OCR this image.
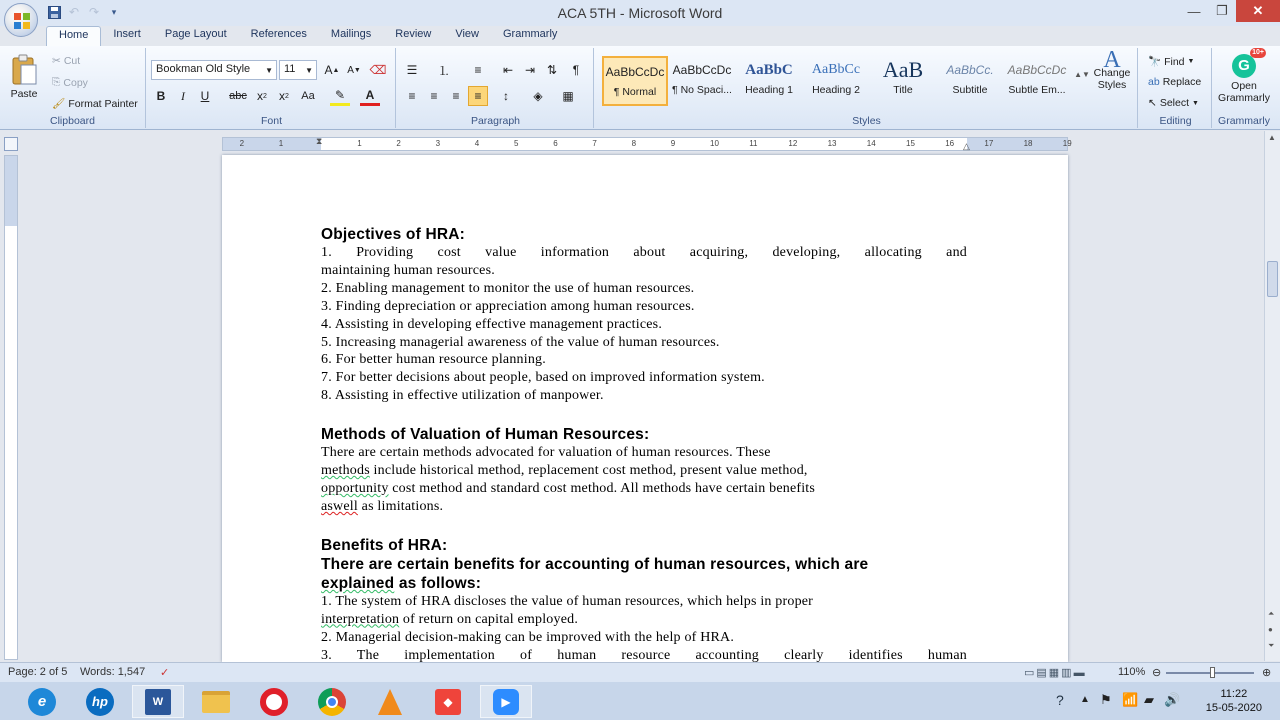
↶ ↷	▾	ACA 5TH - Microsoft Word	—	❐	✕
Home	Insert	Page Layout	References	Mailings	Review	View	Grammarly
Paste
✂ Cut
⎘ Copy
🖌 Format Painter
Clipboard
Bookman Old Style ▼	11 ▼ A ▲ A ▼ ⌫
B	I	U	abc x 2	x 2 Aa	✎	A
Font
☰	⒈	≡	⇤ ⇥ ⇅	¶
≡	≡	≡	≡	↕	◈	▦
Paragraph
AaBbCcDc
¶ Normal
AaBbCcDc
¶ No Spaci...
AaBbC
Heading 1
AaBbCc
Heading 2
AaB
Title
AaBbCc.
Subtitle
AaBbCcDc
Subtle Em...
▲▼
A
Change Styles
Styles
🔭 Find ▼
ab Replace
↖ Select ▼
Editing
G
10+
Open Grammarly
Grammarly
2	1	1	2	3	4	5	6	7	8	9	10	11	12	13	14	15	16	17	18	19
⧗	△
Objectives of HRA:
1.  Providing  cost  value  information  about  acquiring,  developing,  allocating  and
maintaining human resources.
2. Enabling management to monitor the use of human resources.
3. Finding depreciation or appreciation among human resources.
4. Assisting in developing effective management practices.
5. Increasing managerial awareness of the value of human resources.
6. For better human resource planning.
7. For better decisions about people, based on improved information system.
8. Assisting in effective utilization of manpower.
Methods of Valuation of Human Resources:
There are certain methods advocated for valuation of human resources. These
methods include historical method, replacement cost method, present value method,
opportunity cost method and standard cost method. All methods have certain benefits
aswell as limitations.
Benefits of HRA:
There are certain benefits for accounting of human resources, which are
explained as follows:
1. The system of HRA discloses the value of human resources, which helps in proper
interpretation of return on capital employed.
2. Managerial decision-making can be improved with the help of HRA.
3.  The  implementation  of  human  resource  accounting  clearly  identifies  human
▲
⏶
●
⏷
Page: 2 of 5 Words: 1,547 ✓	▭▤▦▥▬	110% ⊖	⊕
e	hp	W	◆	▶	? ▲ ⚑ 📶 ▰ 🔊	11:22
15-05-2020
